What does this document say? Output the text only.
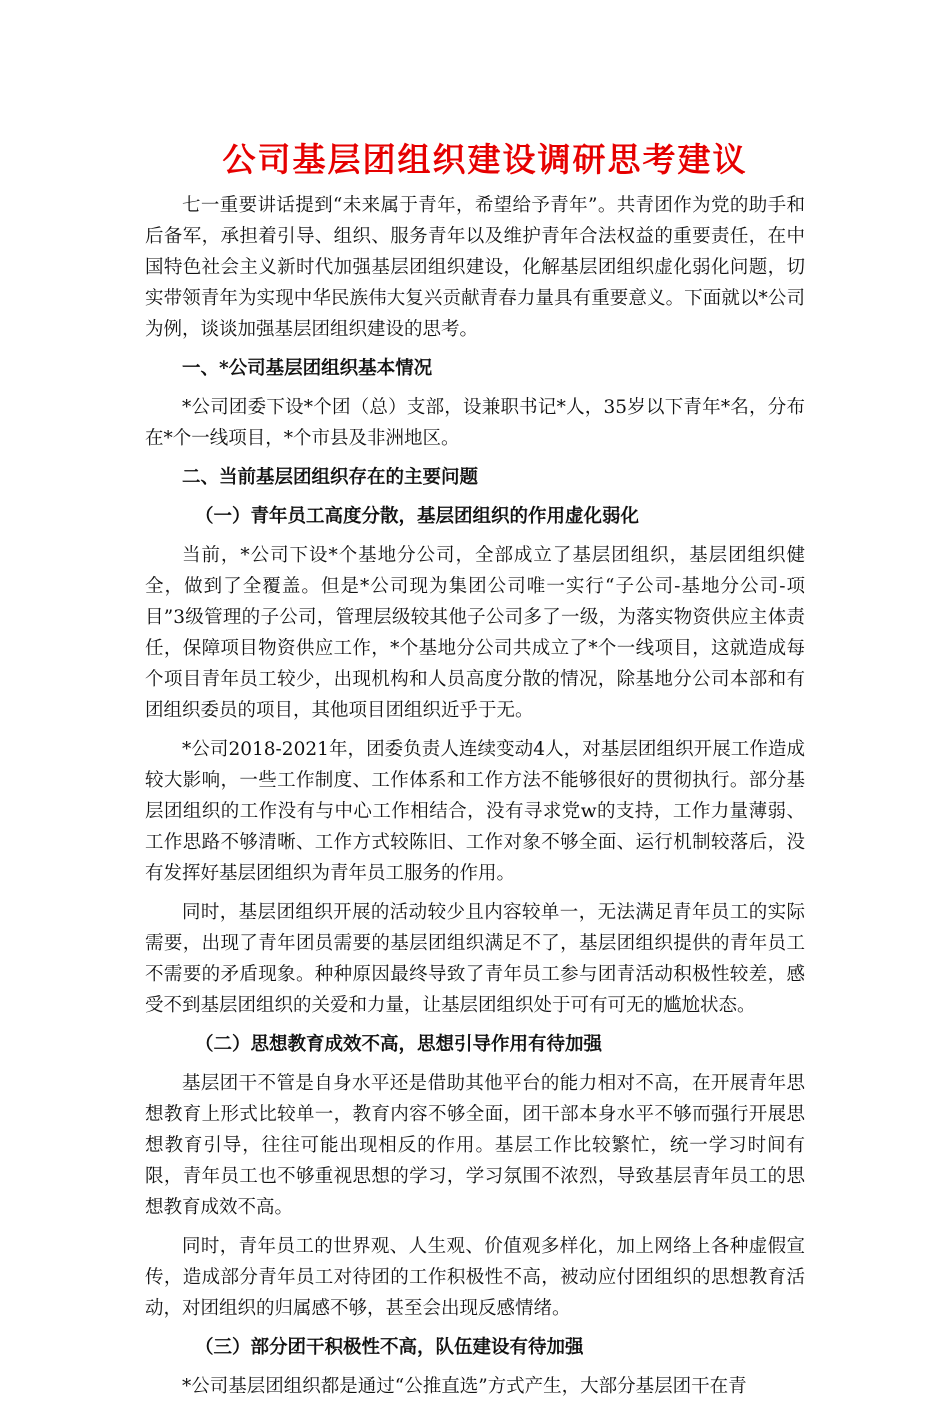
公司基层团组织建设调研思考建议

七一重要讲话提到“未来属于青年，希望给予青年”。共青团作为党的助手和后备军，承担着引导、组织、服务青年以及维护青年合法权益的重要责任，在中国特色社会主义新时代加强基层团组织建设，化解基层团组织虚化弱化问题，切实带领青年为实现中华民族伟大复兴贡献青春力量具有重要意义。下面就以*公司为例，谈谈加强基层团组织建设的思考。

一、*公司基层团组织基本情况

*公司团委下设*个团（总）支部，设兼职书记*人，35岁以下青年*名，分布在*个一线项目，*个市县及非洲地区。

二、当前基层团组织存在的主要问题

（一）青年员工高度分散，基层团组织的作用虚化弱化

当前，*公司下设*个基地分公司，全部成立了基层团组织，基层团组织健全，做到了全覆盖。但是*公司现为集团公司唯一实行“子公司-基地分公司-项目”3级管理的子公司，管理层级较其他子公司多了一级，为落实物资供应主体责任，保障项目物资供应工作，*个基地分公司共成立了*个一线项目，这就造成每个项目青年员工较少，出现机构和人员高度分散的情况，除基地分公司本部和有团组织委员的项目，其他项目团组织近乎于无。

*公司2018-2021年，团委负责人连续变动4人，对基层团组织开展工作造成较大影响，一些工作制度、工作体系和工作方法不能够很好的贯彻执行。部分基层团组织的工作没有与中心工作相结合，没有寻求党w的支持，工作力量薄弱、工作思路不够清晰、工作方式较陈旧、工作对象不够全面、运行机制较落后，没有发挥好基层团组织为青年员工服务的作用。

同时，基层团组织开展的活动较少且内容较单一，无法满足青年员工的实际需要，出现了青年团员需要的基层团组织满足不了，基层团组织提供的青年员工不需要的矛盾现象。种种原因最终导致了青年员工参与团青活动积极性较差，感受不到基层团组织的关爱和力量，让基层团组织处于可有可无的尴尬状态。

（二）思想教育成效不高，思想引导作用有待加强

基层团干不管是自身水平还是借助其他平台的能力相对不高，在开展青年思想教育上形式比较单一，教育内容不够全面，团干部本身水平不够而强行开展思想教育引导，往往可能出现相反的作用。基层工作比较繁忙，统一学习时间有限，青年员工也不够重视思想的学习，学习氛围不浓烈，导致基层青年员工的思想教育成效不高。

同时，青年员工的世界观、人生观、价值观多样化，加上网络上各种虚假宣传，造成部分青年员工对待团的工作积极性不高，被动应付团组织的思想教育活动，对团组织的归属感不够，甚至会出现反感情绪。

（三）部分团干积极性不高，队伍建设有待加强

*公司基层团组织都是通过“公推直选”方式产生，大部分基层团干在青
